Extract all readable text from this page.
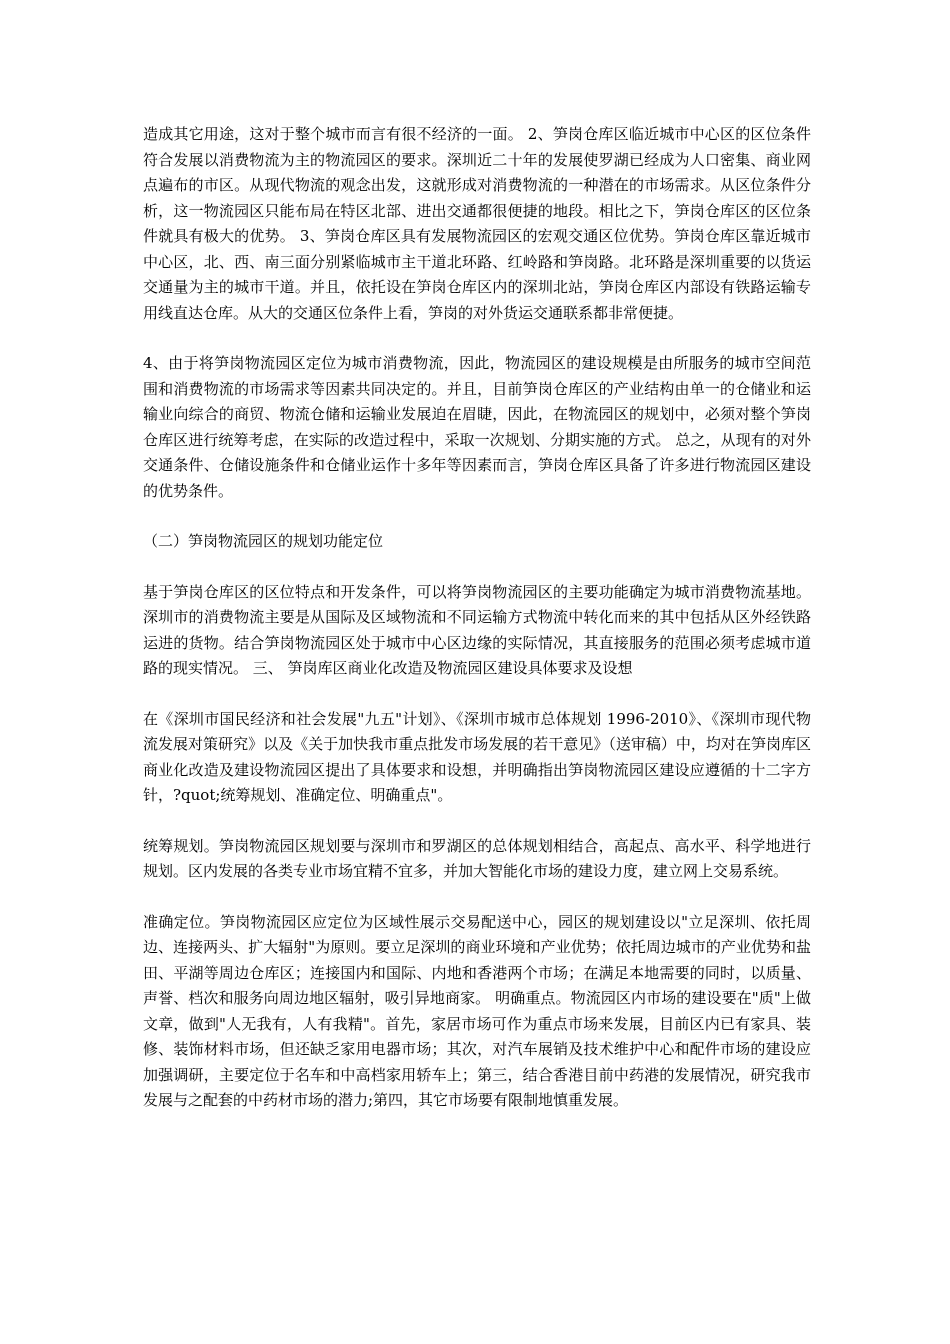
造成其它用途，这对于整个城市而言有很不经济的一面。 2、笋岗仓库区临近城市中心区的区位条件符合发展以消费物流为主的物流园区的要求。深圳近二十年的发展使罗湖已经成为人口密集、商业网点遍布的市区。从现代物流的观念出发，这就形成对消费物流的一种潜在的市场需求。从区位条件分析，这一物流园区只能布局在特区北部、进出交通都很便捷的地段。相比之下，笋岗仓库区的区位条件就具有极大的优势。 3、笋岗仓库区具有发展物流园区的宏观交通区位优势。笋岗仓库区靠近城市中心区，北、西、南三面分别紧临城市主干道北环路、红岭路和笋岗路。北环路是深圳重要的以货运交通量为主的城市干道。并且，依托设在笋岗仓库区内的深圳北站，笋岗仓库区内部设有铁路运输专用线直达仓库。从大的交通区位条件上看，笋岗的对外货运交通联系都非常便捷。

4、由于将笋岗物流园区定位为城市消费物流，因此，物流园区的建设规模是由所服务的城市空间范围和消费物流的市场需求等因素共同决定的。并且，目前笋岗仓库区的产业结构由单一的仓储业和运输业向综合的商贸、物流仓储和运输业发展迫在眉睫，因此，在物流园区的规划中，必须对整个笋岗仓库区进行统筹考虑，在实际的改造过程中，采取一次规划、分期实施的方式。 总之，从现有的对外交通条件、仓储设施条件和仓储业运作十多年等因素而言，笋岗仓库区具备了许多进行物流园区建设的优势条件。

（二）笋岗物流园区的规划功能定位

基于笋岗仓库区的区位特点和开发条件，可以将笋岗物流园区的主要功能确定为城市消费物流基地。深圳市的消费物流主要是从国际及区域物流和不同运输方式物流中转化而来的其中包括从区外经铁路运进的货物。结合笋岗物流园区处于城市中心区边缘的实际情况，其直接服务的范围必须考虑城市道路的现实情况。 三、 笋岗库区商业化改造及物流园区建设具体要求及设想

在《深圳市国民经济和社会发展"九五"计划》、《深圳市城市总体规划 1996-2010》、《深圳市现代物流发展对策研究》以及《关于加快我市重点批发市场发展的若干意见》（送审稿）中，均对在笋岗库区商业化改造及建设物流园区提出了具体要求和设想，并明确指出笋岗物流园区建设应遵循的十二字方针，?quot;统筹规划、准确定位、明确重点"。

统筹规划。笋岗物流园区规划要与深圳市和罗湖区的总体规划相结合，高起点、高水平、科学地进行规划。区内发展的各类专业市场宜精不宜多，并加大智能化市场的建设力度，建立网上交易系统。

准确定位。笋岗物流园区应定位为区域性展示交易配送中心，园区的规划建设以"立足深圳、依托周边、连接两头、扩大辐射"为原则。要立足深圳的商业环境和产业优势；依托周边城市的产业优势和盐田、平湖等周边仓库区；连接国内和国际、内地和香港两个市场；在满足本地需要的同时，以质量、声誉、档次和服务向周边地区辐射，吸引异地商家。 明确重点。物流园区内市场的建设要在"质"上做文章，做到"人无我有，人有我精"。首先，家居市场可作为重点市场来发展，目前区内已有家具、装修、装饰材料市场，但还缺乏家用电器市场；其次，对汽车展销及技术维护中心和配件市场的建设应加强调研，主要定位于名车和中高档家用轿车上；第三，结合香港目前中药港的发展情况，研究我市发展与之配套的中药材市场的潜力;第四，其它市场要有限制地慎重发展。
